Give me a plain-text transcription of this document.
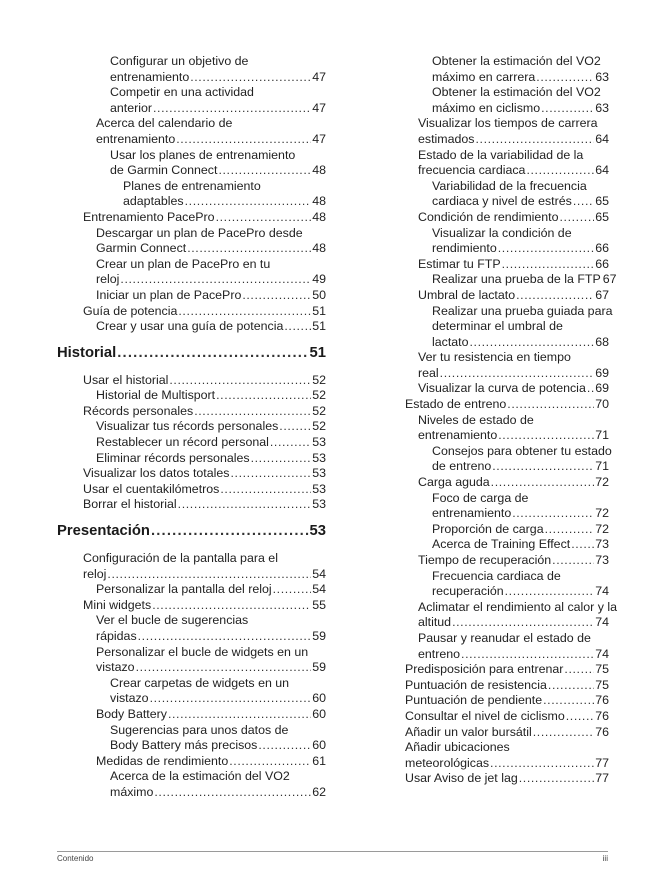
Configurar un objetivo de
entrenamiento .....	47
Competir en una actividad
anterior .....	47
Acerca del calendario de
entrenamiento .....	47
Usar los planes de entrenamiento
de Garmin Connect .....	48
Planes de entrenamiento
adaptables .....	48
Entrenamiento PacePro .....	48
Descargar un plan de PacePro desde
Garmin Connect .....	48
Crear un plan de PacePro en tu
reloj .....	49
Iniciar un plan de PacePro .....	50
Guía de potencia .....	51
Crear y usar una guía de potencia ..... 51
Historial .....	51
Usar el historial .....	52
Historial de Multisport .....	52
Récords personales .....	52
Visualizar tus récords personales .....	52
Restablecer un récord personal .....	53
Eliminar récords personales .....	53
Visualizar los datos totales .....	53
Usar el cuentakilómetros .....	53
Borrar el historial .....	53
Presentación .....	53
Configuración de la pantalla para el
reloj .....	54
Personalizar la pantalla del reloj .....	54
Mini widgets .....	55
Ver el bucle de sugerencias
rápidas .....	59
Personalizar el bucle de widgets en un
vistazo .....	59
Crear carpetas de widgets en un
vistazo .....	60
Body Battery .....	60
Sugerencias para unos datos de
Body Battery más precisos .....	60
Medidas de rendimiento .....	61
Acerca de la estimación del VO2
máximo .....	62
Obtener la estimación del VO2
máximo en carrera .....	63
Obtener la estimación del VO2
máximo en ciclismo .....	63
Visualizar los tiempos de carrera
estimados .....	64
Estado de la variabilidad de la
frecuencia cardiaca .....	64
Variabilidad de la frecuencia
cardiaca y nivel de estrés ..... 65
Condición de rendimiento .....	65
Visualizar la condición de
rendimiento .....	66
Estimar tu FTP .....	66
Realizar una prueba de la FTP 67
Umbral de lactato .....	67
Realizar una prueba guiada para
determinar el umbral de
lactato .....	68
Ver tu resistencia en tiempo
real .....	69
Visualizar la curva de potencia ..... 69
Estado de entreno .....	70
Niveles de estado de
entrenamiento .....	71
Consejos para obtener tu estado
de entreno .....	71
Carga aguda .....	72
Foco de carga de
entrenamiento .....	72
Proporción de carga .....	72
Acerca de Training Effect ..... 73
Tiempo de recuperación .....	73
Frecuencia cardiaca de
recuperación .....	74
Aclimatar el rendimiento al calor y la
altitud .....	74
Pausar y reanudar el estado de
entreno .....	74
Predisposición para entrenar .....	75
Puntuación de resistencia .....	75
Puntuación de pendiente .....	76
Consultar el nivel de ciclismo ..... 76
Añadir un valor bursátil .....	76
Añadir ubicaciones
meteorológicas .....	77
Usar Aviso de jet lag .....	77
Contenido	iii
